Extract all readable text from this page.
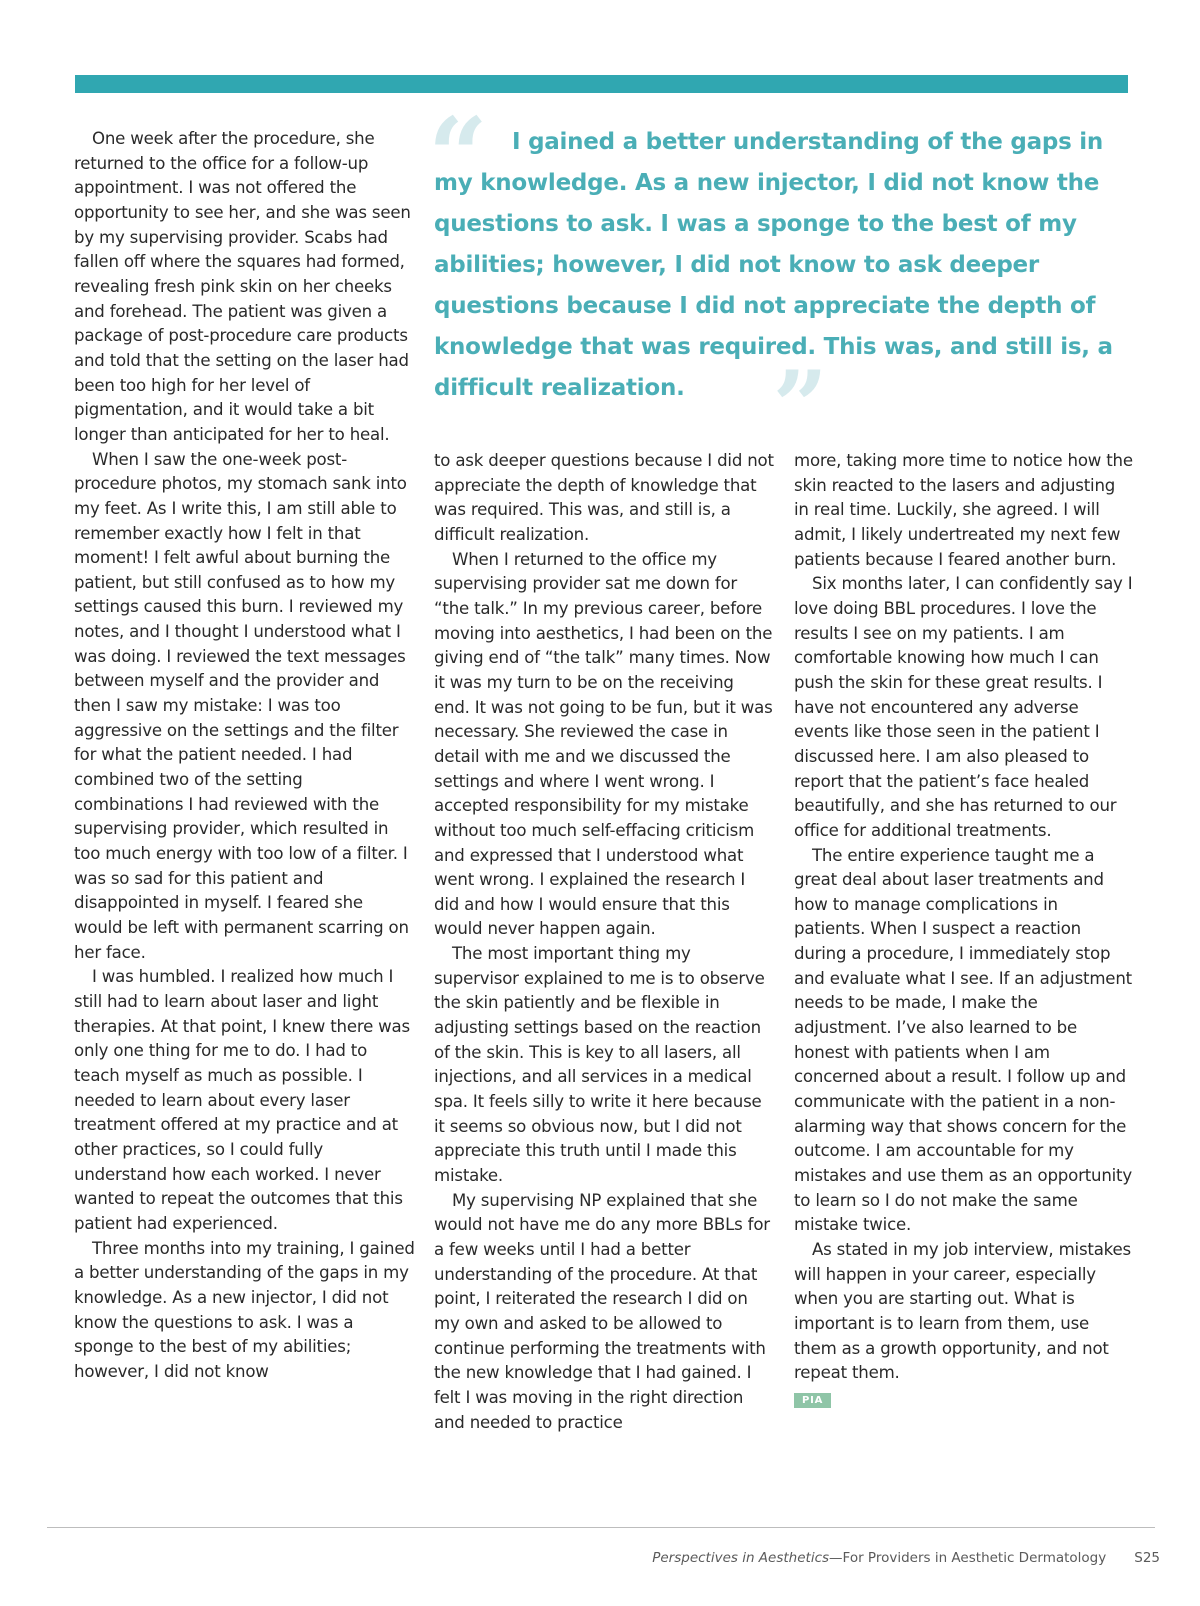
“	I gained a better understanding of the gaps in my knowledge. As a new injector, I did not know the questions to ask. I was a sponge to the best of my abilities; however, I did not know to ask deeper questions because I did not appreciate the depth of knowledge that was required. This was, and still is, a difficult realization. ”

One week after the procedure, she returned to the office for a follow-up appointment. I was not offered the opportunity to see her, and she was seen by my supervising provider. Scabs had fallen off where the squares had formed, revealing fresh pink skin on her cheeks and forehead. The patient was given a package of post-procedure care products and told that the setting on the laser had been too high for her level of pigmentation, and it would take a bit longer than anticipated for her to heal.

When I saw the one-week post-procedure photos, my stomach sank into my feet. As I write this, I am still able to remember exactly how I felt in that moment! I felt awful about burning the patient, but still confused as to how my settings caused this burn. I reviewed my notes, and I thought I understood what I was doing. I reviewed the text messages between myself and the provider and then I saw my mistake: I was too aggressive on the settings and the filter for what the patient needed. I had combined two of the setting combinations I had reviewed with the supervising provider, which resulted in too much energy with too low of a filter. I was so sad for this patient and disappointed in myself. I feared she would be left with permanent scarring on her face.

I was humbled. I realized how much I still had to learn about laser and light therapies. At that point, I knew there was only one thing for me to do. I had to teach myself as much as possible. I needed to learn about every laser treatment offered at my practice and at other practices, so I could fully understand how each worked. I never wanted to repeat the outcomes that this patient had experienced.

Three months into my training, I gained a better understanding of the gaps in my knowledge. As a new injector, I did not know the questions to ask. I was a sponge to the best of my abilities; however, I did not know

to ask deeper questions because I did not appreciate the depth of knowledge that was required. This was, and still is, a difficult realization.

When I returned to the office my supervising provider sat me down for “the talk.” In my previous career, before moving into aesthetics, I had been on the giving end of “the talk” many times. Now it was my turn to be on the receiving end. It was not going to be fun, but it was necessary. She reviewed the case in detail with me and we discussed the settings and where I went wrong. I accepted responsibility for my mistake without too much self-effacing criticism and expressed that I understood what went wrong. I explained the research I did and how I would ensure that this would never happen again.

The most important thing my supervisor explained to me is to observe the skin patiently and be flexible in adjusting settings based on the reaction of the skin. This is key to all lasers, all injections, and all services in a medical spa. It feels silly to write it here because it seems so obvious now, but I did not appreciate this truth until I made this mistake.

My supervising NP explained that she would not have me do any more BBLs for a few weeks until I had a better understanding of the procedure. At that point, I reiterated the research I did on my own and asked to be allowed to continue performing the treatments with the new knowledge that I had gained. I felt I was moving in the right direction and needed to practice

more, taking more time to notice how the skin reacted to the lasers and adjusting in real time. Luckily, she agreed. I will admit, I likely undertreated my next few patients because I feared another burn.

Six months later, I can confidently say I love doing BBL procedures. I love the results I see on my patients. I am comfortable knowing how much I can push the skin for these great results. I have not encountered any adverse events like those seen in the patient I discussed here. I am also pleased to report that the patient’s face healed beautifully, and she has returned to our office for additional treatments.

The entire experience taught me a great deal about laser treatments and how to manage complications in patients. When I suspect a reaction during a procedure, I immediately stop and evaluate what I see. If an adjustment needs to be made, I make the adjustment. I’ve also learned to be honest with patients when I am concerned about a result. I follow up and communicate with the patient in a non-alarming way that shows concern for the outcome. I am accountable for my mistakes and use them as an opportunity to learn so I do not make the same mistake twice.

As stated in my job interview, mistakes will happen in your career, especially when you are starting out. What is important is to learn from them, use them as a growth opportunity, and not repeat them.

PIA
Perspectives in Aesthetics—For Providers in Aesthetic Dermatology S25
